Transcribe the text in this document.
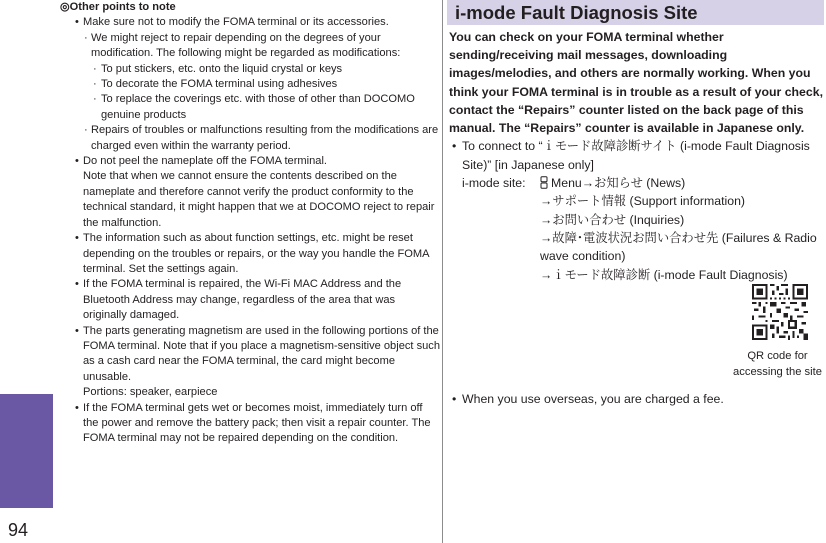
Others
94
◎Other points to note
• Make sure not to modify the FOMA terminal or its accessories.
· We might reject to repair depending on the degrees of your modification. The following might be regarded as modifications:
· To put stickers, etc. onto the liquid crystal or keys
· To decorate the FOMA terminal using adhesives
· To replace the coverings etc. with those of other than DOCOMO genuine products
· Repairs of troubles or malfunctions resulting from the modifications are charged even within the warranty period.
• Do not peel the nameplate off the FOMA terminal.
Note that when we cannot ensure the contents described on the nameplate and therefore cannot verify the product conformity to the technical standard, it might happen that we at DOCOMO reject to repair the malfunction.
• The information such as about function settings, etc. might be reset depending on the troubles or repairs, or the way you handle the FOMA terminal. Set the settings again.
• If the FOMA terminal is repaired, the Wi-Fi MAC Address and the Bluetooth Address may change, regardless of the area that was originally damaged.
• The parts generating magnetism are used in the following portions of the FOMA terminal. Note that if you place a magnetism-sensitive object such as a cash card near the FOMA terminal, the card might become unusable.
Portions: speaker, earpiece
• If the FOMA terminal gets wet or becomes moist, immediately turn off the power and remove the battery pack; then visit a repair counter. The FOMA terminal may not be repaired depending on the condition.
i-mode Fault Diagnosis Site
You can check on your FOMA terminal whether sending/receiving mail messages, downloading images/melodies, and others are normally working. When you think your FOMA terminal is in trouble as a result of your check, contact the “Repairs” counter listed on the back page of this manual. The “Repairs” counter is available in Japanese only.
• To connect to “ｉモード故障診断サイト (i-mode Fault Diagnosis Site)” [in Japanese only]
i-mode site:	Menu→お知らせ (News)
→サポート情報 (Support information)
→お問い合わせ (Inquiries)
→故障･電波状況お問い合わせ先 (Failures & Radio wave condition)
→ｉモード故障診断 (i-mode Fault Diagnosis)
QR code for
accessing the site
• When you use overseas, you are charged a fee.
